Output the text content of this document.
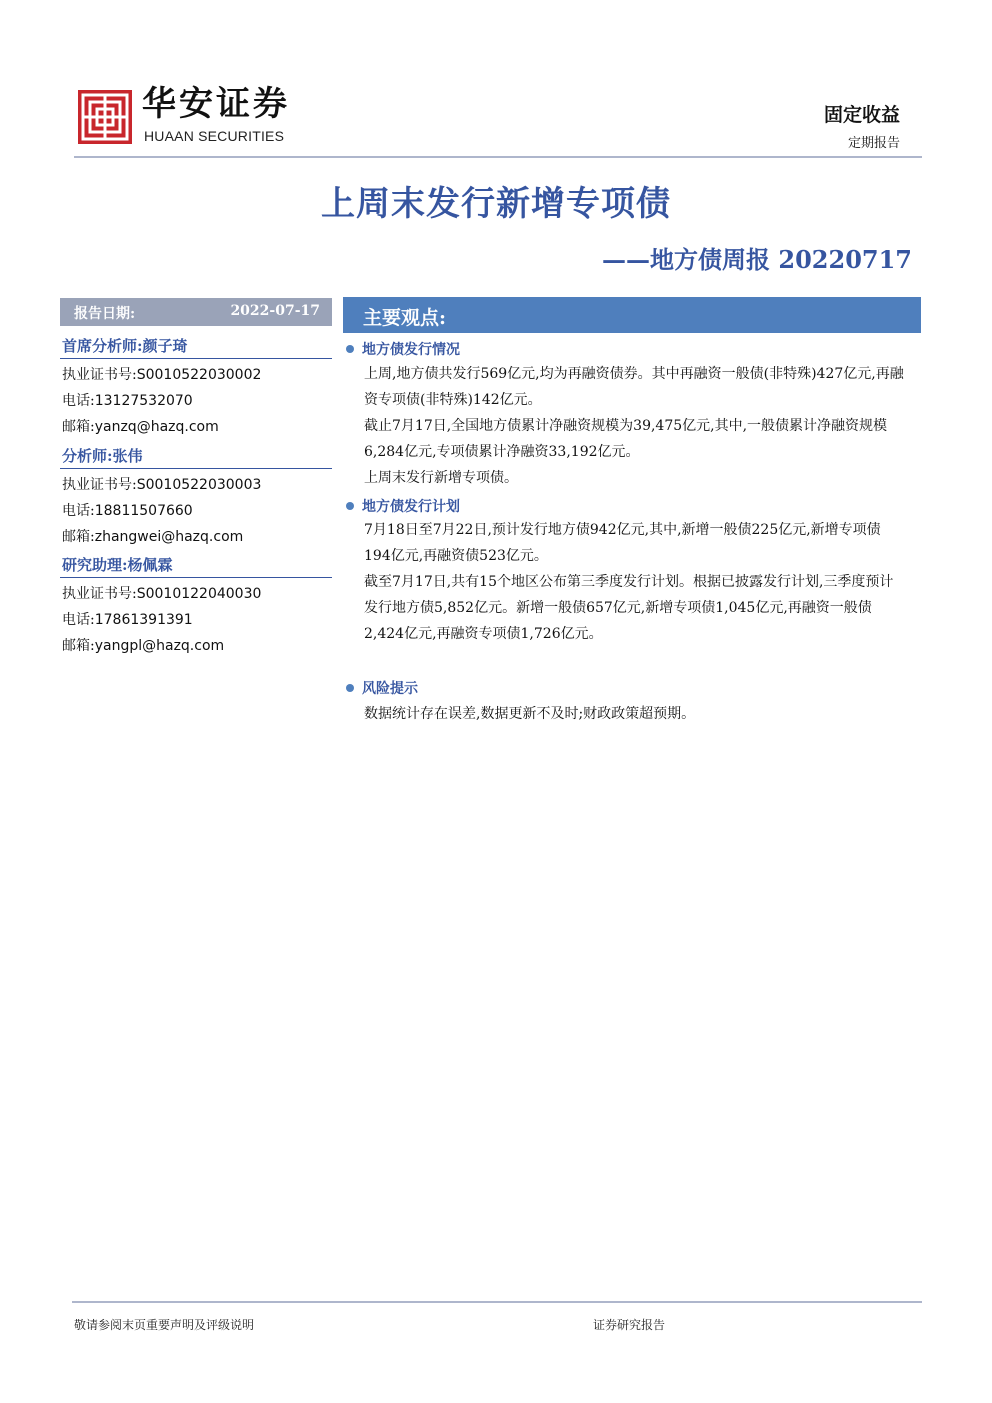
华安证券
HUAAN SECURITIES
固定收益
定期报告
上周末发行新增专项债
——地方债周报 20220717
报告日期:	2022-07-17
首席分析师:颜子琦
执业证书号:S0010522030002
电话:13127532070
邮箱:yanzq@hazq.com
分析师:张伟
执业证书号:S0010522030003
电话:18811507660
邮箱:zhangwei@hazq.com
研究助理:杨佩霖
执业证书号:S0010122040030
电话:17861391391
邮箱:yangpl@hazq.com
主要观点:
地方债发行情况
上周,地方债共发行569亿元,均为再融资债券。其中再融资一般债(非特殊)427亿元,再融资专项债(非特殊)142亿元。
截止7月17日,全国地方债累计净融资规模为39,475亿元,其中,一般债累计净融资规模6,284亿元,专项债累计净融资33,192亿元。
上周末发行新增专项债。
地方债发行计划
7月18日至7月22日,预计发行地方债942亿元,其中,新增一般债225亿元,新增专项债194亿元,再融资债523亿元。
截至7月17日,共有15个地区公布第三季度发行计划。根据已披露发行计划,三季度预计发行地方债5,852亿元。新增一般债657亿元,新增专项债1,045亿元,再融资一般债2,424亿元,再融资专项债1,726亿元。
风险提示
数据统计存在误差,数据更新不及时;财政政策超预期。
敬请参阅末页重要声明及评级说明	证券研究报告
